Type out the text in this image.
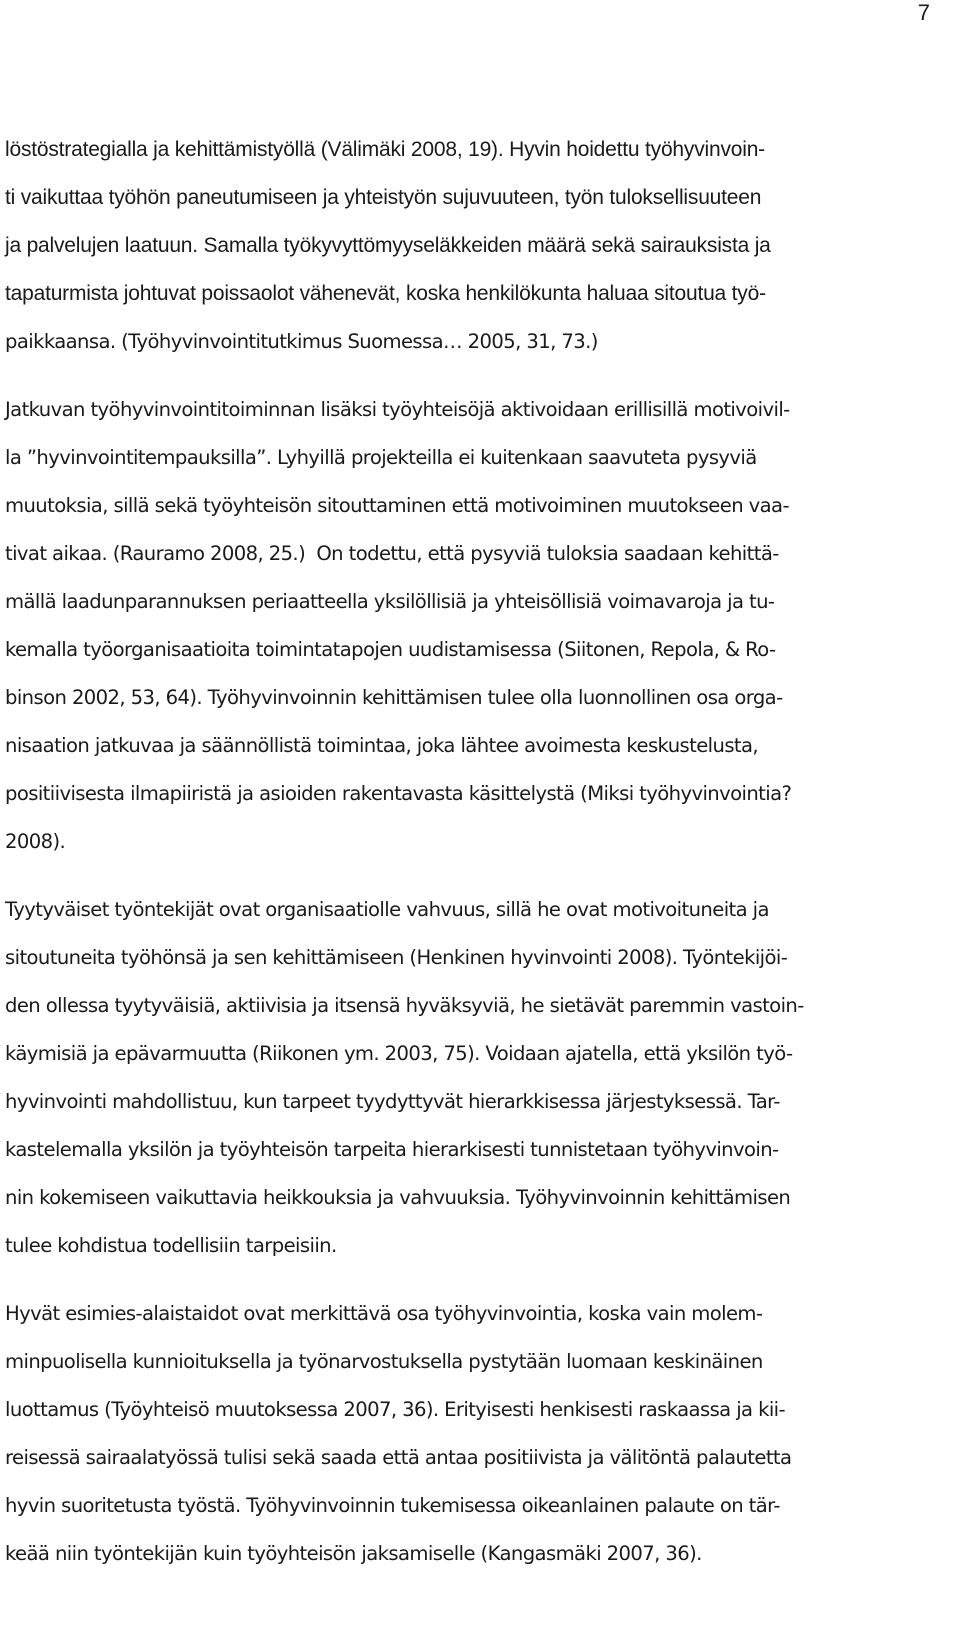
7
löstöstrategialla ja kehittämistyöllä (Välimäki 2008, 19). Hyvin hoidettu työhyvinvoin-
ti vaikuttaa työhön paneutumiseen ja yhteistyön sujuvuuteen, työn tuloksellisuuteen
ja palvelujen laatuun. Samalla työkyvyttömyyseläkkeiden määrä sekä sairauksista ja
tapaturmista johtuvat poissaolot vähenevät, koska henkilökunta haluaa sitoutua työ-
paikkaansa. (Työhyvinvointitutkimus Suomessa… 2005, 31, 73.)
Jatkuvan työhyvinvointitoiminnan lisäksi työyhteisöjä aktivoidaan erillisillä motivoivil-
la ”hyvinvointitempauksilla”. Lyhyillä projekteilla ei kuitenkaan saavuteta pysyviä
muutoksia, sillä sekä työyhteisön sitouttaminen että motivoiminen muutokseen vaa-
tivat aikaa. (Rauramo 2008, 25.)  On todettu, että pysyviä tuloksia saadaan kehittä-
mällä laadunparannuksen periaatteella yksilöllisiä ja yhteisöllisiä voimavaroja ja tu-
kemalla työorganisaatioita toimintatapojen uudistamisessa (Siitonen, Repola, & Ro-
binson 2002, 53, 64). Työhyvinvoinnin kehittämisen tulee olla luonnollinen osa orga-
nisaation jatkuvaa ja säännöllistä toimintaa, joka lähtee avoimesta keskustelusta,
positiivisesta ilmapiiristä ja asioiden rakentavasta käsittelystä (Miksi työhyvinvointia?
2008).
Tyytyväiset työntekijät ovat organisaatiolle vahvuus, sillä he ovat motivoituneita ja
sitoutuneita työhönsä ja sen kehittämiseen (Henkinen hyvinvointi 2008). Työntekijöi-
den ollessa tyytyväisiä, aktiivisia ja itsensä hyväksyviä, he sietävät paremmin vastoin-
käymisiä ja epävarmuutta (Riikonen ym. 2003, 75). Voidaan ajatella, että yksilön työ-
hyvinvointi mahdollistuu, kun tarpeet tyydyttyvät hierarkkisessa järjestyksessä. Tar-
kastelemalla yksilön ja työyhteisön tarpeita hierarkisesti tunnistetaan työhyvinvoin-
nin kokemiseen vaikuttavia heikkouksia ja vahvuuksia. Työhyvinvoinnin kehittämisen
tulee kohdistua todellisiin tarpeisiin.
Hyvät esimies-alaistaidot ovat merkittävä osa työhyvinvointia, koska vain molem-
minpuolisella kunnioituksella ja työnarvostuksella pystytään luomaan keskinäinen
luottamus (Työyhteisö muutoksessa 2007, 36). Erityisesti henkisesti raskaassa ja kii-
reisessä sairaalatyössä tulisi sekä saada että antaa positiivista ja välitöntä palautetta
hyvin suoritetusta työstä. Työhyvinvoinnin tukemisessa oikeanlainen palaute on tär-
keää niin työntekijän kuin työyhteisön jaksamiselle (Kangasmäki 2007, 36).
